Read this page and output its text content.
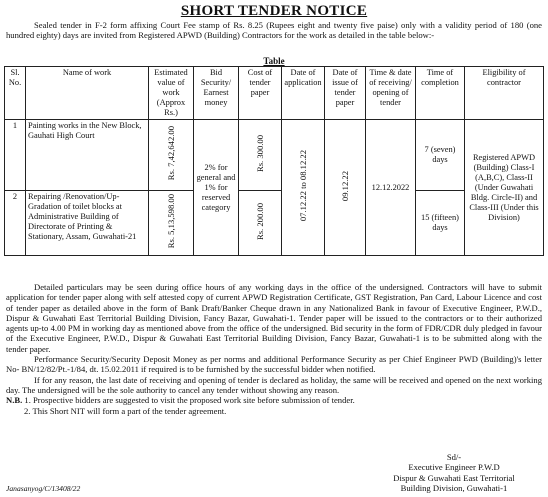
SHORT TENDER NOTICE
Sealed tender in F-2 form affixing Court Fee stamp of Rs. 8.25 (Rupees eight and twenty five paise) only with a validity period of 180 (one hundred eighty) days are invited from Registered APWD (Building) Contractors for the work as detailed in the table below:-
Table
Sl. No.	Name of work	Estimated value of work (Approx Rs.)	Bid Security/ Earnest money	Cost of tender paper	Date of application	Date of issue of tender paper	Time & date of receiving/ opening of tender	Time of completion	Eligibility of contractor
1	Painting works in the New Block, Gauhati High Court	Rs. 7,42,642.00	2% for general and 1% for reserved category	Rs. 300.00	07.12.22 to 08.12.22	09.12.22	12.12.2022	7 (seven) days	Registered APWD (Building) Class-I (A,B,C), Class-II (Under Guwahati Bldg. Circle-II) and Class-III (Under this Division)
2	Repairing /Renovation/Up-Gradation of toilet blocks at Administrative Building of Directorate of Printing & Stationary, Assam, Guwahati-21	Rs. 5,13,598.00		Rs. 200.00				15 (fifteen) days	

Detailed particulars may be seen during office hours of any working days in the office of the undersigned. Contractors will have to submit application for tender paper along with self attested copy of current APWD Registration Certificate, GST Registration, Pan Card, Labour Licence and cost of tender paper as detailed above in the form of Bank Draft/Banker Cheque drawn in any Nationalized Bank in favour of Executive Engineer, P.W.D., Dispur & Guwahati East Territorial Building Division, Fancy Bazar, Guwahati-1. Tender paper will be issued to the contractors or to their authorized agents up-to 4.00 PM in working day as mentioned above from the office of the undersigned. Bid security in the form of FDR/CDR duly pledged in favour of the Executive Engineer, P.W.D., Dispur & Guwahati East Territorial Building Division, Fancy Bazar, Guwahati-1 is to be submitted along with the tender paper.

Performance Security/Security Deposit Money as per norms and additional Performance Security as per Chief Engineer PWD (Building)'s letter No- BN/12/82/Pt.-1/84, dt. 15.02.2011 if required is to be furnished by the successful bidder when notified.

If for any reason, the last date of receiving and opening of tender is declared as holiday, the same will be received and opened on the next working day. The undersigned will be the sole authority to cancel any tender without showing any reason.

N.B. 1. Prospective bidders are suggested to visit the proposed work site before submission of tender.
2. This Short NIT will form a part of the tender agreement.
Sd/-
Executive Engineer P.W.D
Dispur & Guwahati East Territorial
Building Division, Guwahati-1
Janasanyog/C/13408/22
